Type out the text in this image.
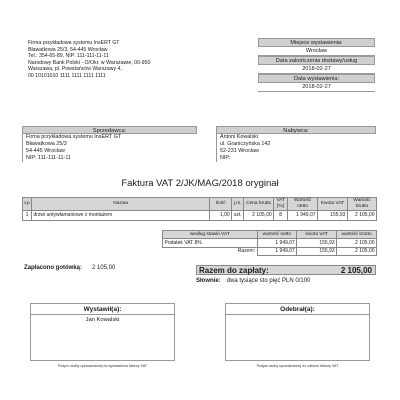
Firma przykładowa systemu InsERT GT
Bławatkowa 25/3, 54-445 Wrocław
Tel.: 354-65-89, NIP: 111-111-11-11
Narodowy Bank Polski - O/Okr. w Warszawie; 00-950
Warszawa, pl. Powstańców Warszawy 4,
00 10101010 1111 1111 1111 1111
Miejsce wystawienia:
Wrocław
Data zakończenia dostawy/usług
2018-02-27
Data wystawienia:
2018-02-27
Sprzedawca:
Firma przykładowa systemu InsERT GT
Bławatkowa 25/3
54-445 Wrocław
NIP: 111-111-11-11
Nabywca:
Antoni Kowalski
ul. Graniczyńska 142
52-231 Wrocław
NIP:
Faktura VAT 2/JK/MAG/2018 oryginał
Lp	Nazwa	Ilość	j.m.	Cena brutto	VAT [%]	Wartość netto	Kwota VAT	Wartość brutto
1	drzwi antywłamaniowe z montażem	1,00	szt.	2 105,00	8	1 949,07	155,93	2 105,00
według stawki VAT	wartość netto	kwota VAT	wartość brutto
Podatek VAT 8%	1 949,07	155,93	2 105,00
Razem:	1 949,07	155,93	2 105,00
Zapłacono gotówką: 2 105,00	Razem do zapłaty:	2 105,00
Słownie: dwa tysiące sto pięć PLN 0/100
Wystawił(a):
Jan Kowalski
Odebrał(a):
Podpis osoby upoważnionej do wystawienia faktury VAT	Podpis osoby upoważnionej do odbioru faktury VAT
